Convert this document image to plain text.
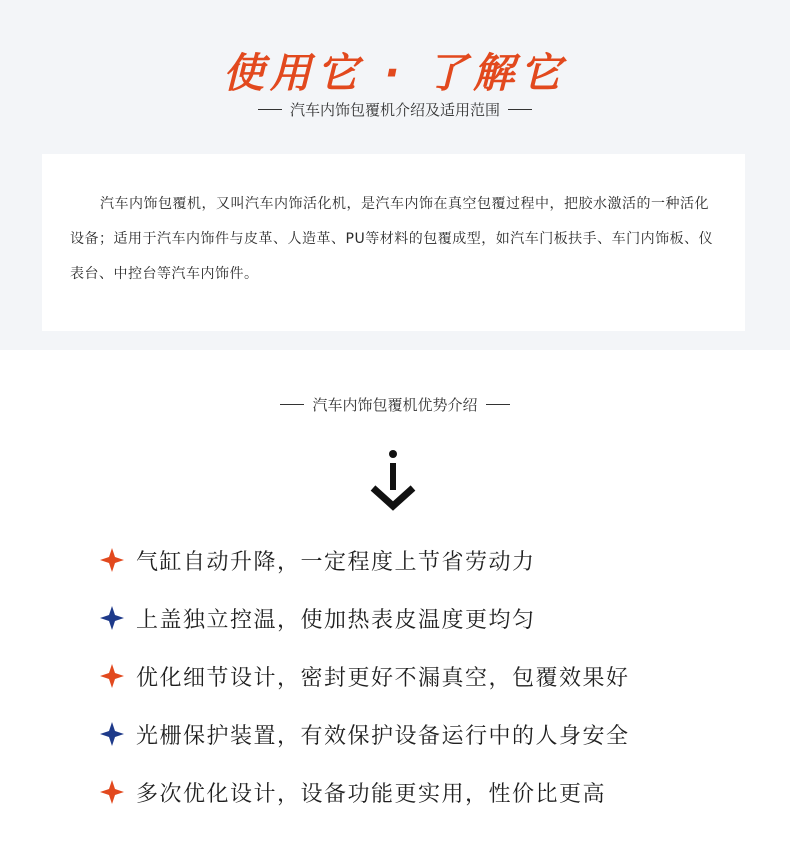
使用它 · 了解它
汽车内饰包覆机介绍及适用范围

汽车内饰包覆机，又叫汽车内饰活化机，是汽车内饰在真空包覆过程中，把胶水激活的一种活化设备；适用于汽车内饰件与皮革、人造革、PU等材料的包覆成型，如汽车门板扶手、车门内饰板、仪表台、中控台等汽车内饰件。

汽车内饰包覆机优势介绍
气缸自动升降，一定程度上节省劳动力
上盖独立控温，使加热表皮温度更均匀
优化细节设计，密封更好不漏真空，包覆效果好
光栅保护装置，有效保护设备运行中的人身安全
多次优化设计，设备功能更实用，性价比更高
